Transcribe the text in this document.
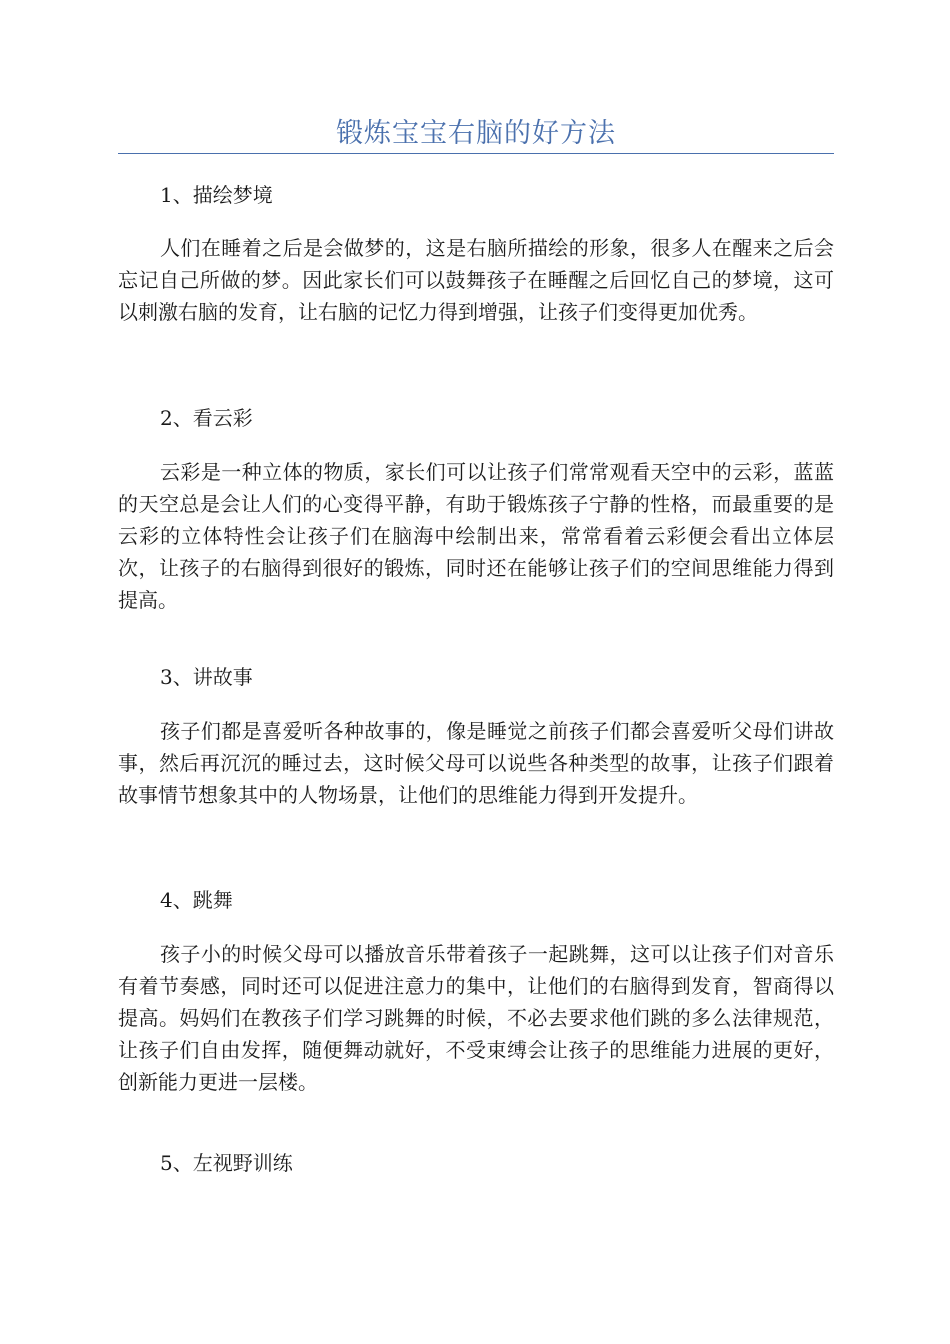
锻炼宝宝右脑的好方法

1、描绘梦境

人们在睡着之后是会做梦的，这是右脑所描绘的形象，很多人在醒来之后会忘记自己所做的梦。因此家长们可以鼓舞孩子在睡醒之后回忆自己的梦境，这可以刺激右脑的发育，让右脑的记忆力得到增强，让孩子们变得更加优秀。

2、看云彩

云彩是一种立体的物质，家长们可以让孩子们常常观看天空中的云彩，蓝蓝的天空总是会让人们的心变得平静，有助于锻炼孩子宁静的性格，而最重要的是云彩的立体特性会让孩子们在脑海中绘制出来，常常看着云彩便会看出立体层次，让孩子的右脑得到很好的锻炼，同时还在能够让孩子们的空间思维能力得到提高。

3、讲故事

孩子们都是喜爱听各种故事的，像是睡觉之前孩子们都会喜爱听父母们讲故事，然后再沉沉的睡过去，这时候父母可以说些各种类型的故事，让孩子们跟着故事情节想象其中的人物场景，让他们的思维能力得到开发提升。

4、跳舞

孩子小的时候父母可以播放音乐带着孩子一起跳舞，这可以让孩子们对音乐有着节奏感，同时还可以促进注意力的集中，让他们的右脑得到发育，智商得以提高。妈妈们在教孩子们学习跳舞的时候，不必去要求他们跳的多么法律规范，让孩子们自由发挥，随便舞动就好，不受束缚会让孩子的思维能力进展的更好，创新能力更进一层楼。

5、左视野训练
